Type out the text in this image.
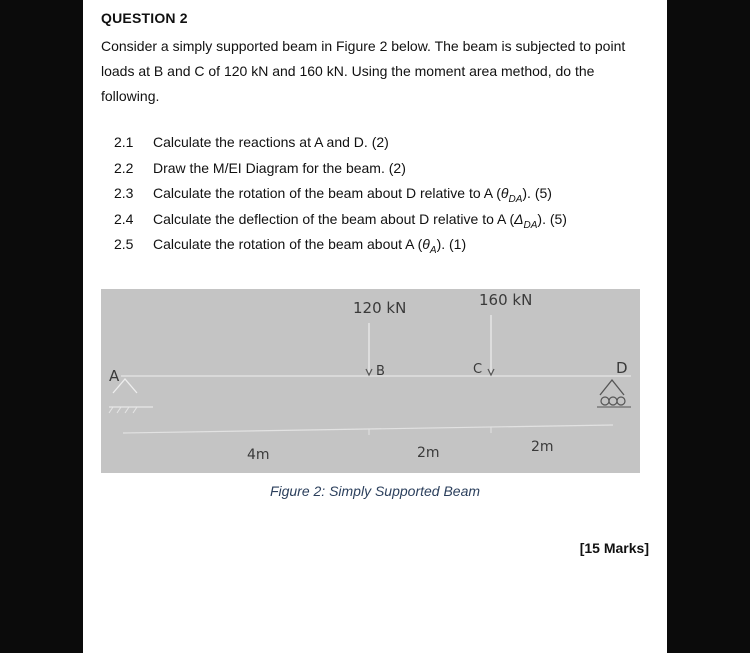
QUESTION 2
Consider a simply supported beam in Figure 2 below. The beam is subjected to point
loads at B and C of 120 kN and 160 kN. Using the moment area method, do the
following.
2.1 Calculate the reactions at A and D. (2)
2.2 Draw the M/EI Diagram for the beam. (2)
2.3 Calculate the rotation of the beam about D relative to A $(\theta_{DA})$. (5)
2.4 Calculate the deflection of the beam about D relative to A $(\Delta_{DA})$. (5)
2.5 Calculate the rotation of the beam about A $(\theta_A)$. (1)
A	D
120 kN
B
160 kN
C
4m	2m	2m
Figure 2: Simply Supported Beam
[15 Marks]
